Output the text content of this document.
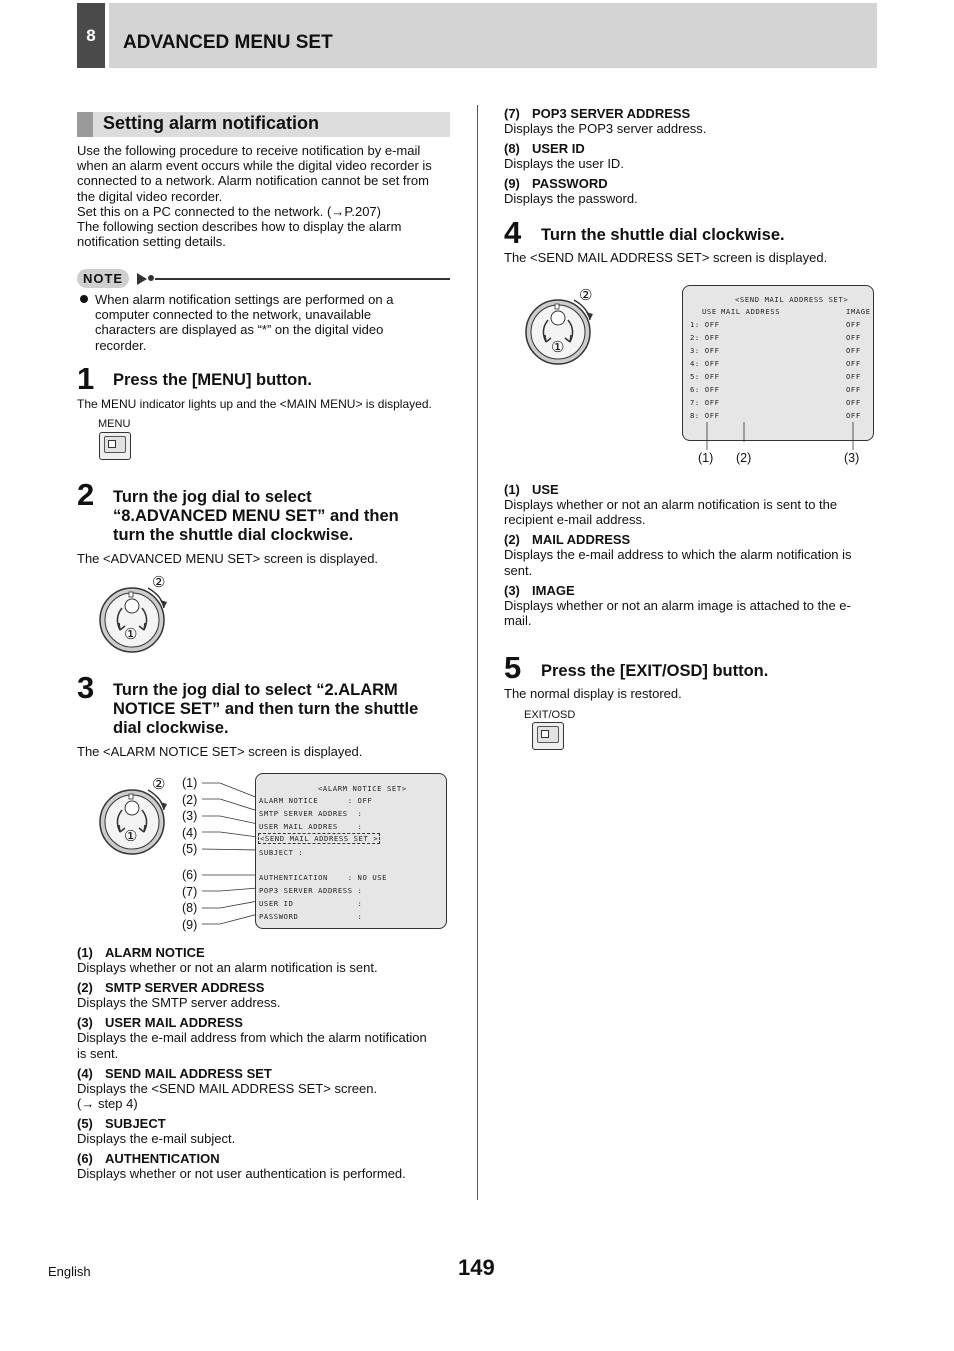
8	ADVANCED MENU SET
Setting alarm notification
Use the following procedure to receive notification by e-mail
when an alarm event occurs while the digital video recorder is
connected to a network. Alarm notification cannot be set from
the digital video recorder.
Set this on a PC connected to the network. (→P.207)
The following section describes how to display the alarm
notification setting details.
NOTE
When alarm notification settings are performed on a
computer connected to the network, unavailable
characters are displayed as “*” on the digital video
recorder.
1 Press the [MENU] button.
The MENU indicator lights up and the <MAIN MENU> is displayed.
MENU
2 Turn the jog dial to select
“8.ADVANCED MENU SET” and then
turn the shuttle dial clockwise.
The <ADVANCED MENU SET> screen is displayed.
②
①
3 Turn the jog dial to select “2.ALARM
NOTICE SET” and then turn the shuttle
dial clockwise.
The <ALARM NOTICE SET> screen is displayed.
②
①
(1)
(2)
(3)
(4)
(5)
(6)
(7)
(8)
(9)
<ALARM NOTICE SET>
ALARM NOTICE      : OFF
SMTP SERVER ADDRES  :
USER MAIL ADDRES    :
<SEND MAIL ADDRESS SET >
SUBJECT :
AUTHENTICATION    : NO USE
POP3 SERVER ADDRESS :
USER ID             :
PASSWORD            :
(1) ALARM NOTICE
Displays whether or not an alarm notification is sent.
(2) SMTP SERVER ADDRESS
Displays the SMTP server address.
(3) USER MAIL ADDRESS
Displays the e-mail address from which the alarm notification
is sent.
(4) SEND MAIL ADDRESS SET
Displays the <SEND MAIL ADDRESS SET> screen.
(→ step 4)
(5) SUBJECT
Displays the e-mail subject.
(6) AUTHENTICATION
Displays whether or not user authentication is performed.
(7) POP3 SERVER ADDRESS
Displays the POP3 server address.
(8) USER ID
Displays the user ID.
(9) PASSWORD
Displays the password.
4 Turn the shuttle dial clockwise.
The <SEND MAIL ADDRESS SET> screen is displayed.
②
①
<SEND MAIL ADDRESS SET>
USE MAIL ADDRESS	IMAGE
1: OFF	OFF
2: OFF	OFF
3: OFF	OFF
4: OFF	OFF
5: OFF	OFF
6: OFF	OFF
7: OFF	OFF
8: OFF	OFF
(1) (2)	(3)
(1) USE
Displays whether or not an alarm notification is sent to the
recipient e-mail address.
(2) MAIL ADDRESS
Displays the e-mail address to which the alarm notification is
sent.
(3) IMAGE
Displays whether or not an alarm image is attached to the e-
mail.
5 Press the [EXIT/OSD] button.
The normal display is restored.
EXIT/OSD
English	149
